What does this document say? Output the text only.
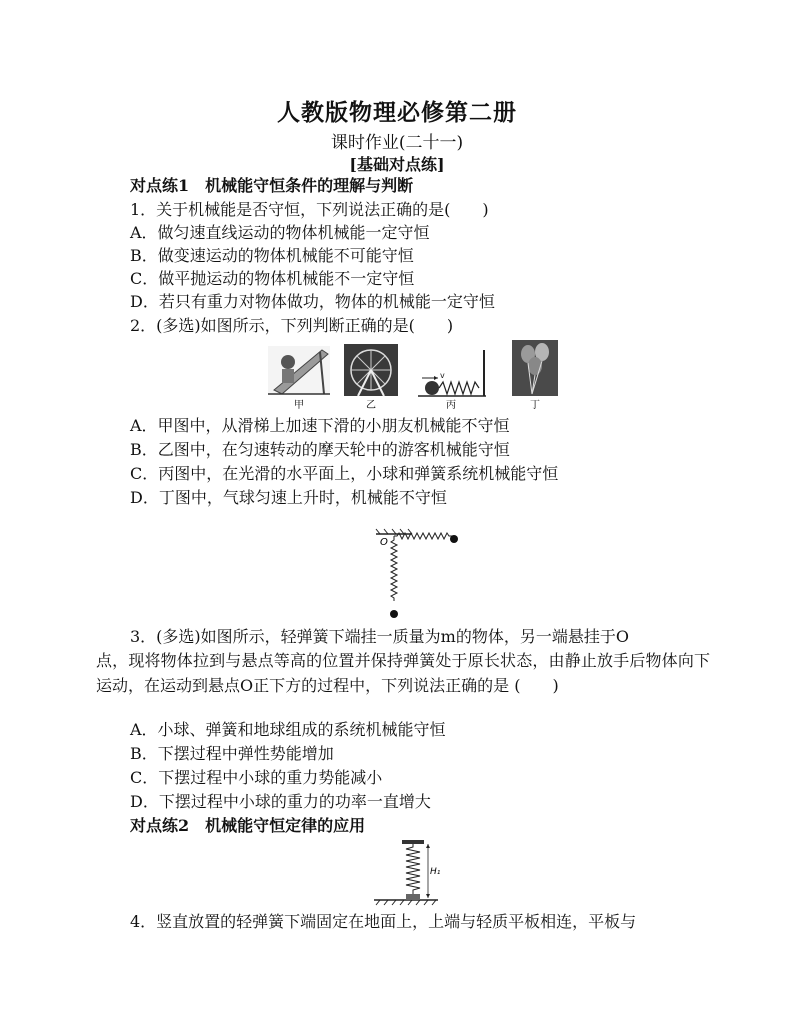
人教版物理必修第二册
课时作业(二十一)
[基础对点练]
对点练1　机械能守恒条件的理解与判断
1．关于机械能是否守恒，下列说法正确的是(　　)
A．做匀速直线运动的物体机械能一定守恒
B．做变速运动的物体机械能不可能守恒
C．做平抛运动的物体机械能不一定守恒
D．若只有重力对物体做功，物体的机械能一定守恒
2．(多选)如图所示，下列判断正确的是(　　)
v
甲	乙	丙	丁
A．甲图中，从滑梯上加速下滑的小朋友机械能不守恒
B．乙图中，在匀速转动的摩天轮中的游客机械能守恒
C．丙图中，在光滑的水平面上，小球和弹簧系统机械能守恒
D．丁图中，气球匀速上升时，机械能不守恒
O
3．(多选)如图所示，轻弹簧下端挂一质量为m的物体，另一端悬挂于O
点，现将物体拉到与悬点等高的位置并保持弹簧处于原长状态，由静止放手后物体向下运动，在运动到悬点O正下方的过程中，下列说法正确的是 (　　)
A．小球、弹簧和地球组成的系统机械能守恒
B．下摆过程中弹性势能增加
C．下摆过程中小球的重力势能减小
D．下摆过程中小球的重力的功率一直增大
对点练2　机械能守恒定律的应用
H₁
4．竖直放置的轻弹簧下端固定在地面上，上端与轻质平板相连，平板与
